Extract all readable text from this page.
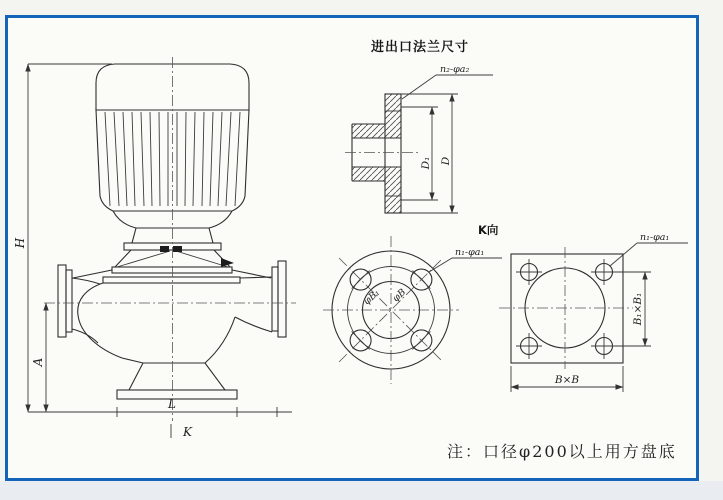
H
A
L
K
进出口法兰尺寸
n₂-φa₂
D₁ D
K向
φB₁ φB
n₁-φa₁
n₁-φa₁
B₁×B₁
B×B
注：口径φ200以上用方盘底
